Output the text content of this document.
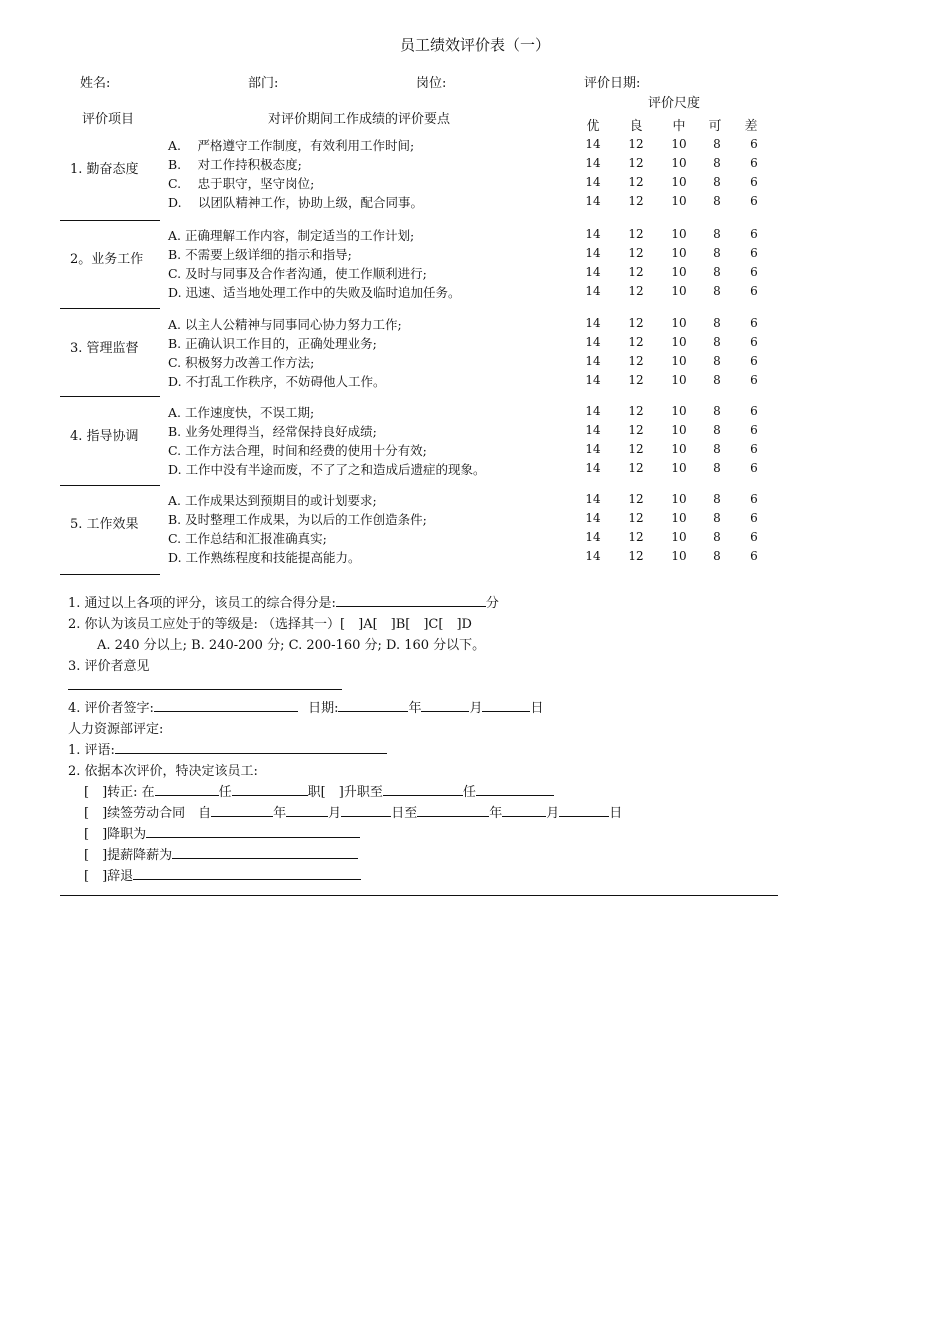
员工绩效评价表（一）
姓名:	部门:	岗位:	评价日期:
评价项目	对评价期间工作成绩的评价要点
评价尺度
优	良	中	可	差
1. 勤奋态度
A.　 严格遵守工作制度，有效利用工作时间;	14	12	10	8	6
B.　 对工作持积极态度;	14	12	10	8	6
C.　 忠于职守，坚守岗位;	14	12	10	8	6
D.　 以团队精神工作，协助上级，配合同事。	14	12	10	8	6
2。业务工作
A. 正确理解工作内容，制定适当的工作计划;	14	12	10	8	6
B. 不需要上级详细的指示和指导;	14	12	10	8	6
C. 及时与同事及合作者沟通，使工作顺利进行;	14	12	10	8	6
D. 迅速、适当地处理工作中的失败及临时追加任务。	14	12	10	8	6
3. 管理监督
A. 以主人公精神与同事同心协力努力工作;	14	12	10	8	6
B. 正确认识工作目的，正确处理业务;	14	12	10	8	6
C. 积极努力改善工作方法;	14	12	10	8	6
D. 不打乱工作秩序，不妨碍他人工作。	14	12	10	8	6
4. 指导协调
A. 工作速度快，不误工期;	14	12	10	8	6
B. 业务处理得当，经常保持良好成绩;	14	12	10	8	6
C. 工作方法合理，时间和经费的使用十分有效;	14	12	10	8	6
D. 工作中没有半途而废，不了了之和造成后遗症的现象。	14	12	10	8	6
5. 工作效果
A. 工作成果达到预期目的或计划要求;	14	12	10	8	6
B. 及时整理工作成果，为以后的工作创造条件;	14	12	10	8	6
C. 工作总结和汇报准确真实;	14	12	10	8	6
D. 工作熟练程度和技能提高能力。	14	12	10	8	6
1. 通过以上各项的评分，该员工的综合得分是:	分
2. 你认为该员工应处于的等级是: （选择其一）[　]A[　]B[　]C[　]D
A. 240 分以上; B. 240-200 分; C. 200-160 分; D. 160 分以下。
3. 评价者意见
4. 评价者签字:	日期:	年	月	日
人力资源部评定:
1. 评语:
2. 依据本次评价，特决定该员工:
[　]转正: 在	任	职[　]升职至	任
[　]续签劳动合同　自	年	月	日至	年	月	日
[　]降职为
[　]提薪降薪为
[　]辞退
